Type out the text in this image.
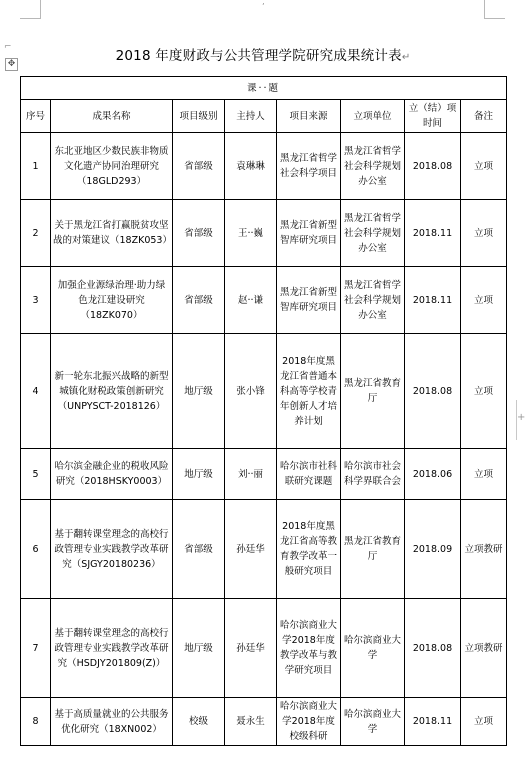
ʼ
⌐
✥
+
2018 年度财政与公共管理学院研究成果统计表↵
课··题							
序号	成果名称	项目级别	主持人	项目来源	立项单位	立（结）项时间	备注
1	东北亚地区少数民族非物质文化遗产协同治理研究（18GLD293）	省部级	袁琳琳	黑龙江省哲学社会科学项目	黑龙江省哲学社会科学规划办公室	2018.08	立项
2	关于黑龙江省打赢脱贫攻坚战的对策建议（18ZK053）	省部级	王··巍	黑龙江省新型智库研究项目	黑龙江省哲学社会科学规划办公室	2018.11	立项
3	加强企业源绿治理·助力绿色龙江建设研究（18ZK070）	省部级	赵··谦	黑龙江省新型智库研究项目	黑龙江省哲学社会科学规划办公室	2018.11	立项
4	新一轮东北振兴战略的新型城镇化财税政策创新研究（UNPYSCT-2018126）	地厅级	张小锋	2018年度黑龙江省普通本科高等学校青年创新人才培养计划	黑龙江省教育厅	2018.08	立项
5	哈尔滨金融企业的税收风险研究（2018HSKY0003）	地厅级	刘··丽	哈尔滨市社科联研究课题	哈尔滨市社会科学界联合会	2018.06	立项
6	基于翻转课堂理念的高校行政管理专业实践教学改革研究（SJGY20180236）	省部级	孙廷华	2018年度黑龙江省高等教育教学改革一般研究项目	黑龙江省教育厅	2018.09	立项教研
7	基于翻转课堂理念的高校行政管理专业实践教学改革研究（HSDJY201809(Z)）	地厅级	孙廷华	哈尔滨商业大学2018年度教学改革与教学研究项目	哈尔滨商业大学	2018.08	立项教研
8	基于高质量就业的公共服务优化研究（18XN002）	校级	聂永生	哈尔滨商业大学2018年度校级科研	哈尔滨商业大学	2018.11	立项
